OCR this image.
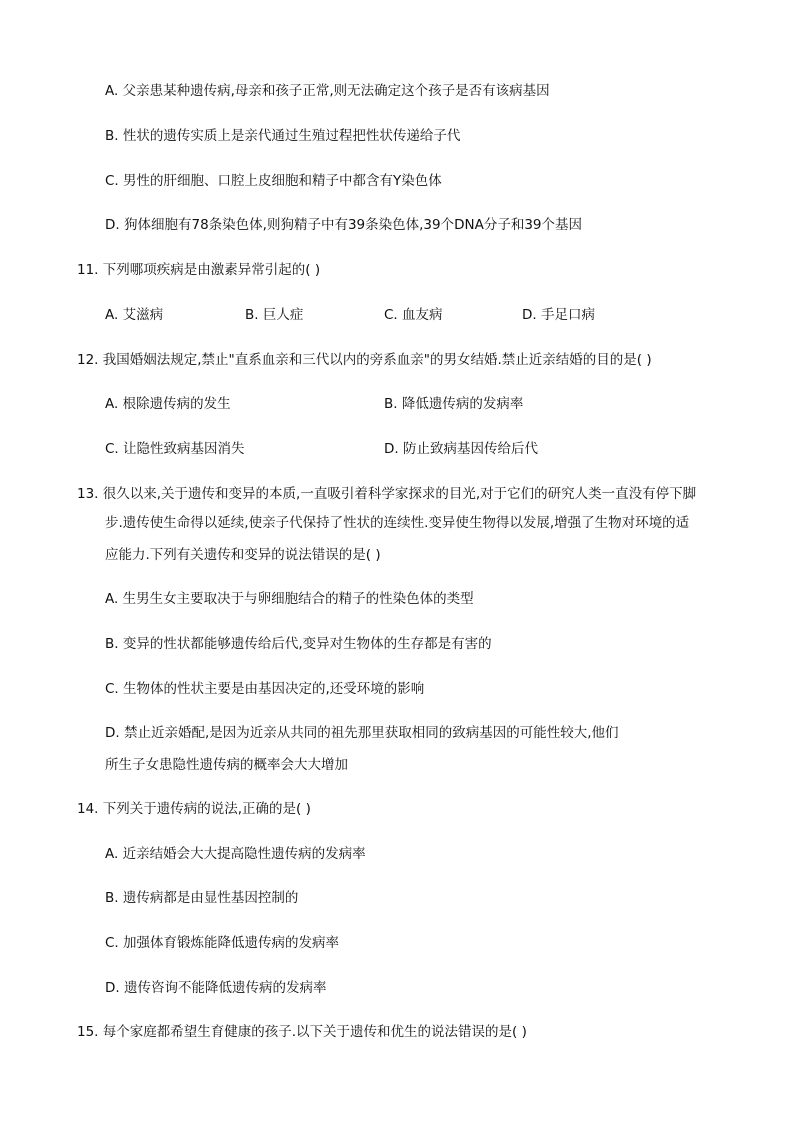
A. 父亲患某种遗传病,母亲和孩子正常,则无法确定这个孩子是否有该病基因
B. 性状的遗传实质上是亲代通过生殖过程把性状传递给子代
C. 男性的肝细胞、口腔上皮细胞和精子中都含有Y染色体
D. 狗体细胞有78条染色体,则狗精子中有39条染色体,39个DNA分子和39个基因
11. 下列哪项疾病是由激素异常引起的( )
A. 艾滋病	B. 巨人症	C. 血友病	D. 手足口病
12. 我国婚姻法规定,禁止"直系血亲和三代以内的旁系血亲"的男女结婚.禁止近亲结婚的目的是( )
A. 根除遗传病的发生	B. 降低遗传病的发病率
C. 让隐性致病基因消失	D. 防止致病基因传给后代
13. 很久以来,关于遗传和变异的本质,一直吸引着科学家探求的目光,对于它们的研究人类一直没有停下脚
步.遗传使生命得以延续,使亲子代保持了性状的连续性.变异使生物得以发展,增强了生物对环境的适
应能力.下列有关遗传和变异的说法错误的是( )
A. 生男生女主要取决于与卵细胞结合的精子的性染色体的类型
B. 变异的性状都能够遗传给后代,变异对生物体的生存都是有害的
C. 生物体的性状主要是由基因决定的,还受环境的影响
D. 禁止近亲婚配,是因为近亲从共同的祖先那里获取相同的致病基因的可能性较大,他们
所生子女患隐性遗传病的概率会大大增加
14. 下列关于遗传病的说法,正确的是( )
A. 近亲结婚会大大提高隐性遗传病的发病率
B. 遗传病都是由显性基因控制的
C. 加强体育锻炼能降低遗传病的发病率
D. 遗传咨询不能降低遗传病的发病率
15. 每个家庭都希望生育健康的孩子.以下关于遗传和优生的说法错误的是( )
